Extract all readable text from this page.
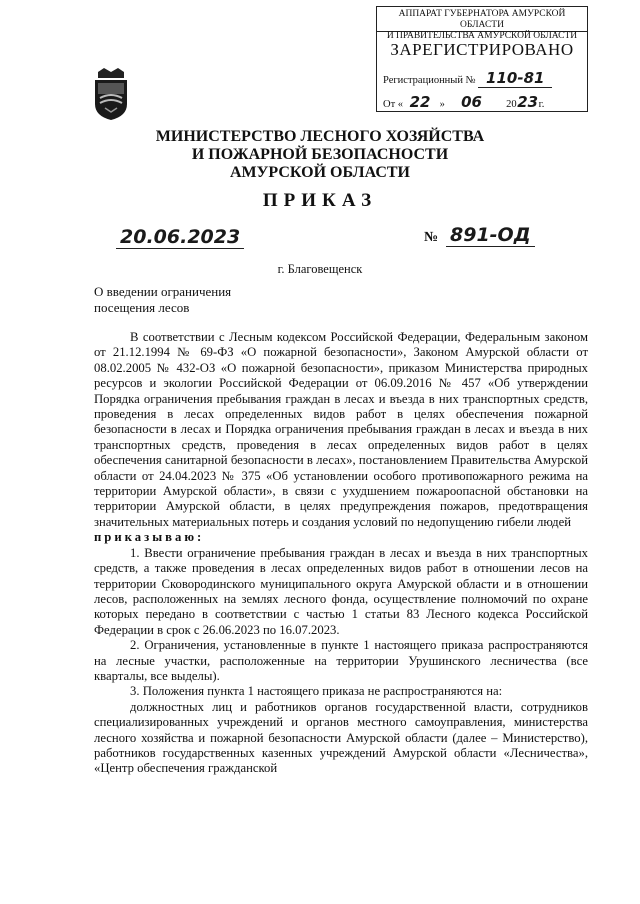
АППАРАТ ГУБЕРНАТОРА АМУРСКОЙ ОБЛАСТИ
И ПРАВИТЕЛЬСТВА АМУРСКОЙ ОБЛАСТИ
ЗАРЕГИСТРИРОВАНО
Регистрационный № 110-81
От « 22 » 06 2023г.
МИНИСТЕРСТВО ЛЕСНОГО ХОЗЯЙСТВА
И ПОЖАРНОЙ БЕЗОПАСНОСТИ
АМУРСКОЙ ОБЛАСТИ
ПРИКАЗ
20.06.2023	№ 891-ОД
г. Благовещенск
О введении ограничения
посещения лесов

В соответствии с Лесным кодексом Российской Федерации, Федеральным законом от 21.12.1994 № 69-ФЗ «О пожарной безопасности», Законом Амурской области от 08.02.2005 № 432-ОЗ «О пожарной безопасности», приказом Министерства природных ресурсов и экологии Российской Федерации от 06.09.2016 № 457 «Об утверждении Порядка ограничения пребывания граждан в лесах и въезда в них транспортных средств, проведения в лесах определенных видов работ в целях обеспечения пожарной безопасности в лесах и Порядка ограничения пребывания граждан в лесах и въезда в них транспортных средств, проведения в лесах определенных видов работ в целях обеспечения санитарной безопасности в лесах», постановлением Правительства Амурской области от 24.04.2023 № 375 «Об установлении особого противопожарного режима на территории Амурской области», в связи с ухудшением пожароопасной обстановки на территории Амурской области, в целях предупреждения пожаров, предотвращения значительных материальных потерь и создания условий по недопущению гибели людей

приказываю:

1. Ввести ограничение пребывания граждан в лесах и въезда в них транспортных средств, а также проведения в лесах определенных видов работ в отношении лесов на территории Сковородинского муниципального округа Амурской области и в отношении лесов, расположенных на землях лесного фонда, осуществление полномочий по охране которых передано в соответствии с частью 1 статьи 83 Лесного кодекса Российской Федерации в срок с 26.06.2023 по 16.07.2023.

2. Ограничения, установленные в пункте 1 настоящего приказа распространяются на лесные участки, расположенные на территории Урушинского лесничества (все кварталы, все выделы).

3. Положения пункта 1 настоящего приказа не распространяются на:

должностных лиц и работников органов государственной власти, сотрудников специализированных учреждений и органов местного самоуправления, министерства лесного хозяйства и пожарной безопасности Амурской области (далее – Министерство), работников государственных казенных учреждений Амурской области «Лесничества», «Центр обеспечения гражданской
